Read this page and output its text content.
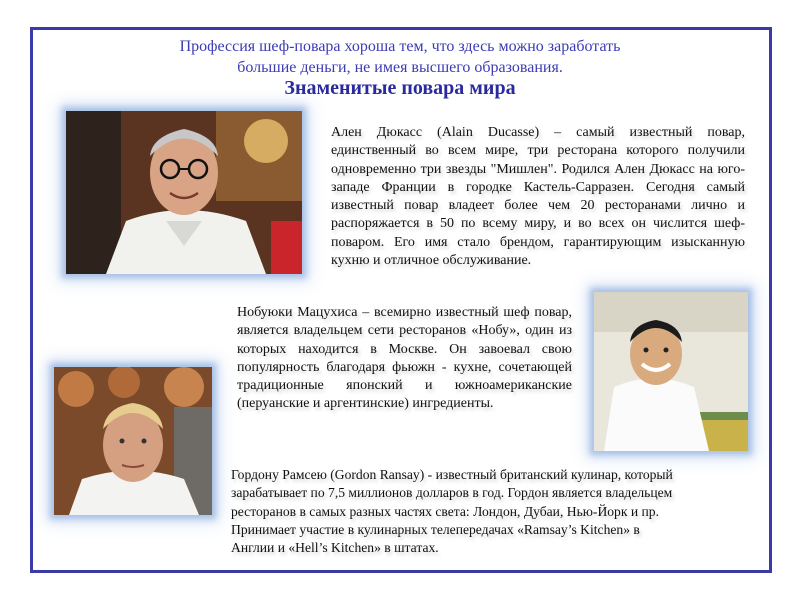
Профессия шеф-повара хороша тем, что здесь можно заработать
большие деньги, не имея высшего образования.
Знаменитые повара мира
Ален Дюкасс (Alain Ducasse) – самый известный повар, единственный во всем мире, три ресторана которого получили одновременно три звезды "Мишлен". Родился Ален Дюкасс на юго-западе Франции в городке Кастель-Сарразен. Сегодня самый известный повар владеет более чем 20 ресторанами лично и распоряжается в 50 по всему миру, и во всех он числится шеф-поваром. Его имя стало брендом, гарантирующим изысканную кухню и отличное обслуживание.
Нобуюки Мацухиса – всемирно известный шеф повар, является владельцем сети ресторанов «Нобу», один из которых находится в Москве. Он завоевал свою популярность благодаря фьюжн - кухне, сочетающей традиционные японский и южноамериканские (перуанские и аргентинские) ингредиенты.
Гордону Рамсею (Gordon Ransay) - известный британский кулинар, который
зарабатывает по 7,5 миллионов долларов в год. Гордон является владельцем
ресторанов в самых разных частях света: Лондон, Дубаи, Нью-Йорк и пр.
Принимает участие в кулинарных телепередачах «Ramsay’s Kitchen» в
Англии и «Hell’s Kitchen» в штатах.
